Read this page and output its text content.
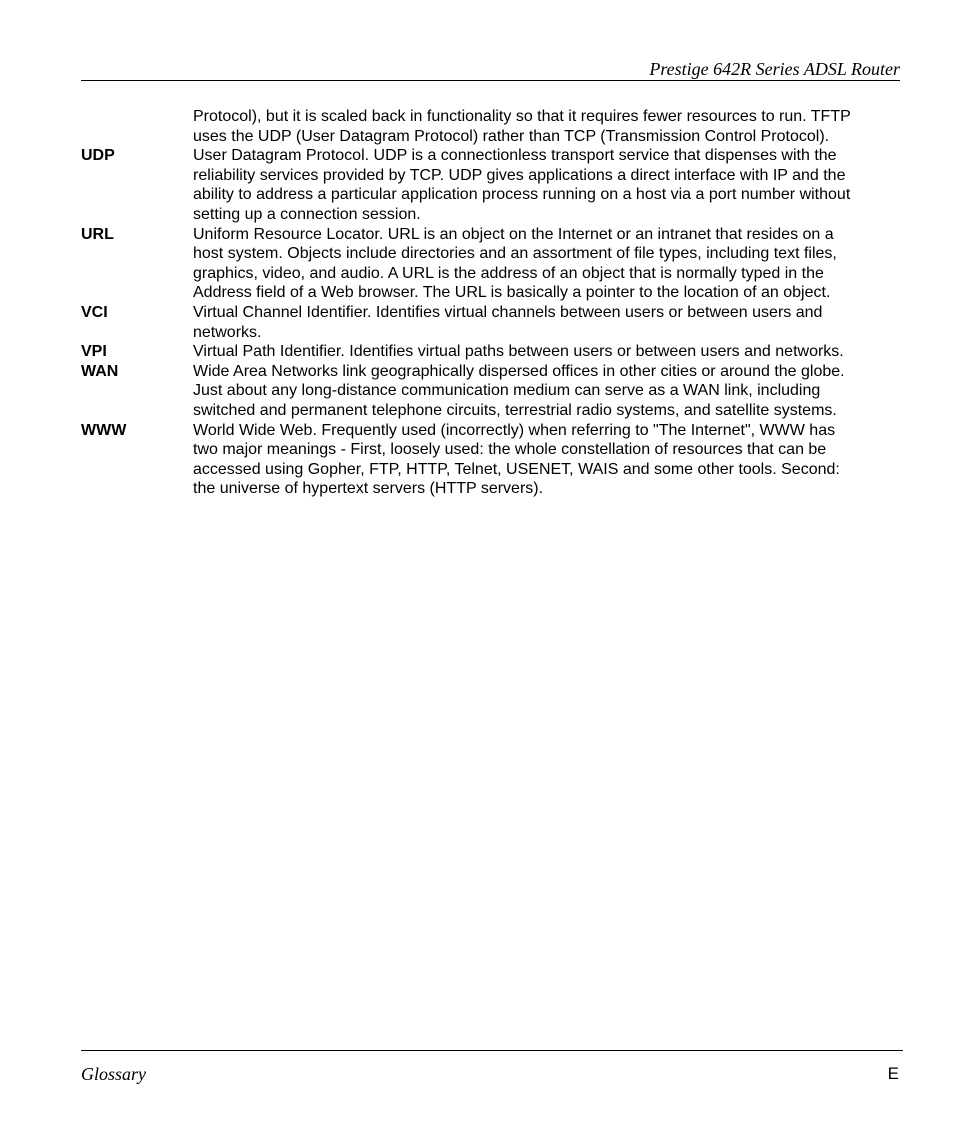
Prestige 642R Series ADSL Router
Protocol), but it is scaled back in functionality so that it requires fewer resources to run. TFTP
uses the UDP (User Datagram Protocol) rather than TCP (Transmission Control Protocol).
UDP	User Datagram Protocol. UDP is a connectionless transport service that dispenses with the
reliability services provided by TCP. UDP gives applications a direct interface with IP and the
ability to address a particular application process running on a host via a port number without
setting up a connection session.
URL	Uniform Resource Locator. URL is an object on the Internet or an intranet that resides on a
host system. Objects include directories and an assortment of file types, including text files,
graphics, video, and audio. A URL is the address of an object that is normally typed in the
Address field of a Web browser. The URL is basically a pointer to the location of an object.
VCI	Virtual Channel Identifier. Identifies virtual channels between users or between users and
networks.
VPI	Virtual Path Identifier. Identifies virtual paths between users or between users and networks.
WAN	Wide Area Networks link geographically dispersed offices in other cities or around the globe.
Just about any long-distance communication medium can serve as a WAN link, including
switched and permanent telephone circuits, terrestrial radio systems, and satellite systems.
WWW	World Wide Web. Frequently used (incorrectly) when referring to "The Internet", WWW has
two major meanings - First, loosely used: the whole constellation of resources that can be
accessed using Gopher, FTP, HTTP, Telnet, USENET, WAIS and some other tools. Second:
the universe of hypertext servers (HTTP servers).
Glossary	E
